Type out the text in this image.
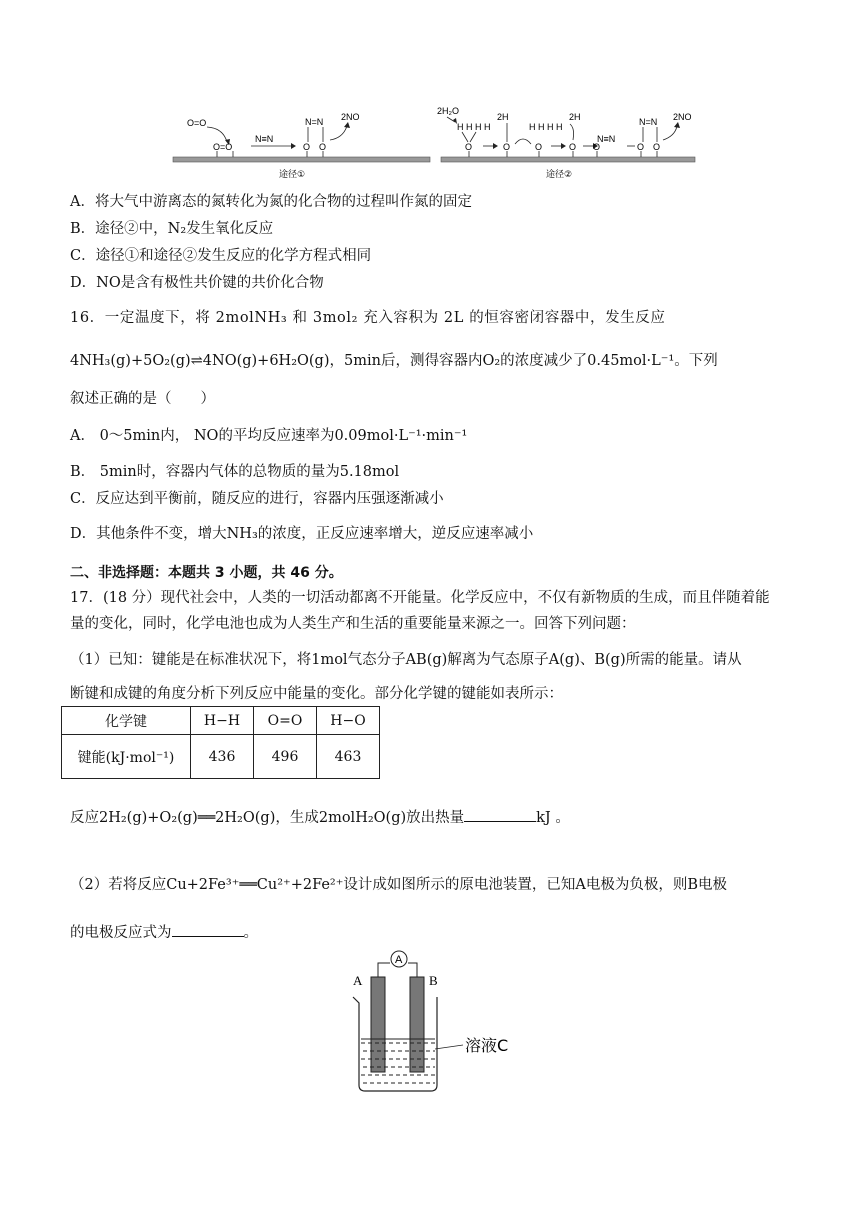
O=O
O=O
N≡N
N=N
O O
2NO
2H₂O
H H H H
O
2H
O
H H H H
O
2H
O
N≡N
O
N=N
O O
2NO
途径①	途径②
A．将大气中游离态的氮转化为氮的化合物的过程叫作氮的固定
B．途径②中，N₂发生氧化反应
C．途径①和途径②发生反应的化学方程式相同
D．NO是含有极性共价键的共价化合物
16．一定温度下，将 2molNH₃ 和 3mol₂ 充入容积为 2L 的恒容密闭容器中，发生反应
4NH₃(g)+5O₂(g)⇌4NO(g)+6H₂O(g)，5min后，测得容器内O₂的浓度减少了0.45mol·L⁻¹。下列
叙述正确的是（　　）
A． 0～5min内， NO的平均反应速率为0.09mol·L⁻¹·min⁻¹
B． 5min时，容器内气体的总物质的量为5.18mol
C．反应达到平衡前，随反应的进行，容器内压强逐渐减小
D．其他条件不变，增大NH₃的浓度，正反应速率增大，逆反应速率减小
二、非选择题：本题共 3 小题，共 46 分。
17．(18 分）现代社会中，人类的一切活动都离不开能量。化学反应中，不仅有新物质的生成，而且伴随着能
量的变化，同时，化学电池也成为人类生产和生活的重要能量来源之一。回答下列问题：
（1）已知：键能是在标准状况下，将1mol气态分子AB(g)解离为气态原子A(g)、B(g)所需的能量。请从
断键和成键的角度分析下列反应中能量的变化。部分化学键的键能如表所示：
化学键	H−H	O=O	H−O
键能(kJ·mol⁻¹)	436	496	463
反应2H₂(g)+O₂(g)══2H₂O(g)，生成2molH₂O(g)放出热量	kJ 。
（2）若将反应Cu+2Fe³⁺══Cu²⁺+2Fe²⁺设计成如图所示的原电池装置，已知A电极为负极，则B电极
的电极反应式为	。
A
A	B
溶液C
